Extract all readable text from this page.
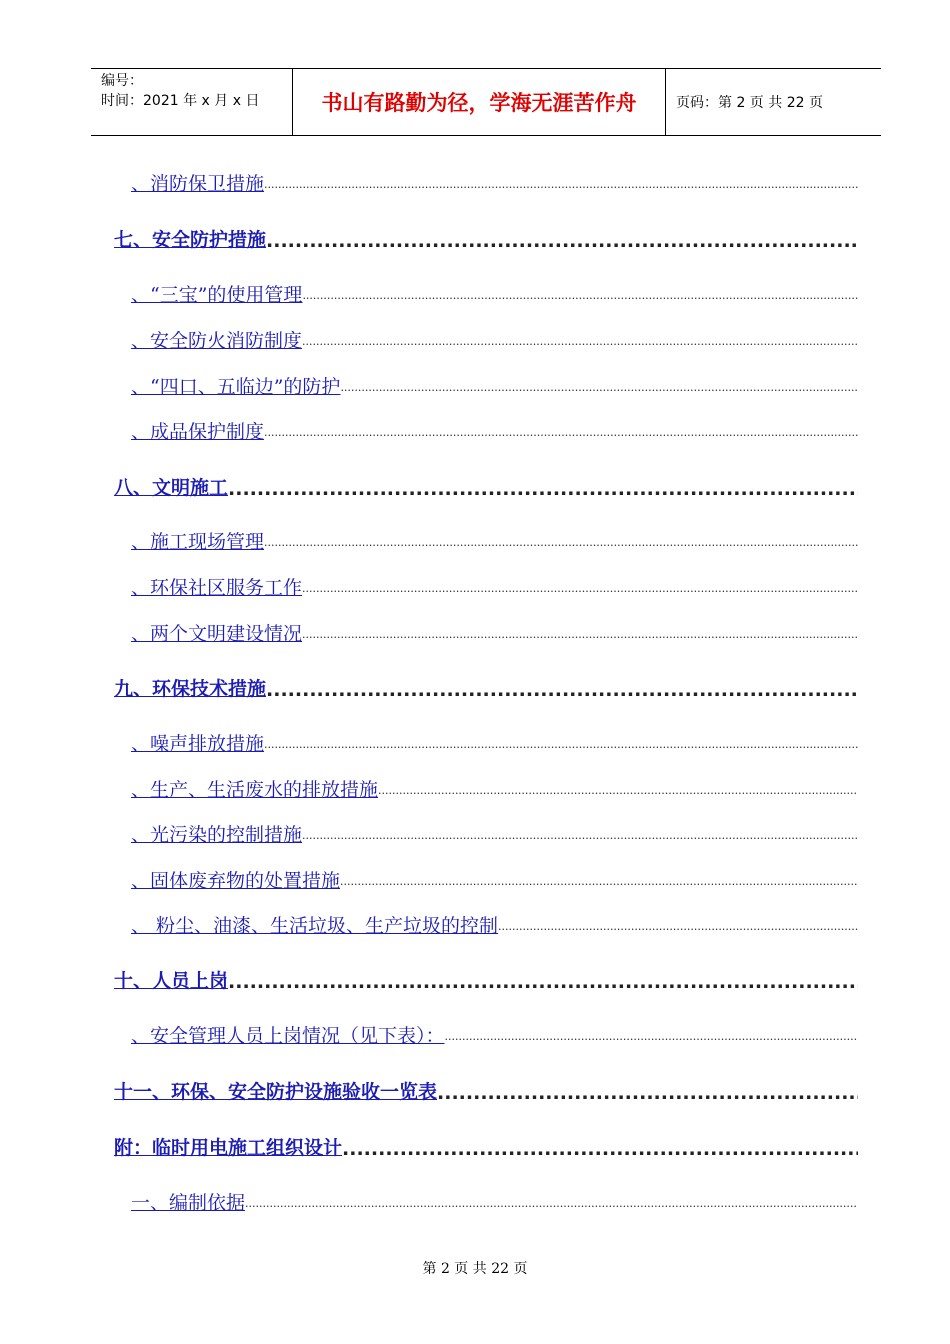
编号：
时间：2021 年 x 月 x 日	书山有路勤为径，学海无涯苦作舟	页码：第 2 页 共 22 页
、消防保卫措施
.....
七、安全防护措施
.....
、“三宝”的使用管理
.....
、安全防火消防制度
.....
、“四口、五临边”的防护
.....
、成品保护制度
.....
八、文明施工
.....
、施工现场管理
.....
、环保社区服务工作
.....
、两个文明建设情况
.....
九、环保技术措施
.....
、噪声排放措施
.....
、生产、生活废水的排放措施
.....
、光污染的控制措施
.....
、固体废弃物的处置措施
.....
、 粉尘、油漆、生活垃圾、生产垃圾的控制
.....
十、人员上岗
.....
、安全管理人员上岗情况（见下表）：
.....
十一、环保、安全防护设施验收一览表
.....
附：临时用电施工组织设计
.....
一、编制依据
.....
第 2 页 共 22 页
